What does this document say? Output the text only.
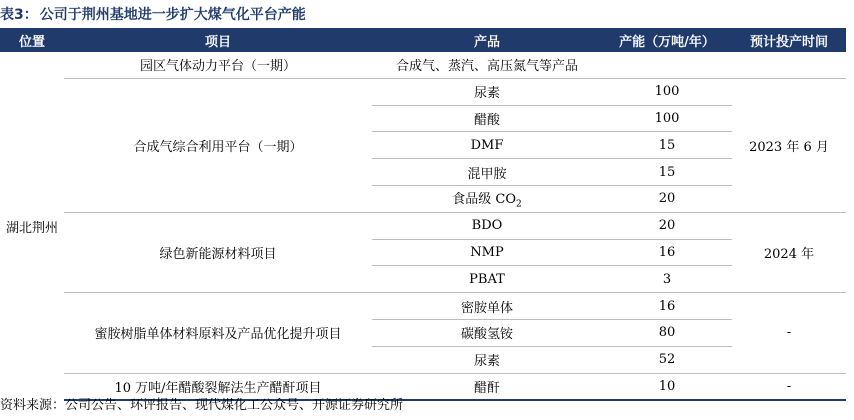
表3： 公司于荆州基地进一步扩大煤气化平台产能
位置	项目	产品	产能（万吨/年）	预计投产时间
湖北荆州	园区气体动力平台（一期）	合成气、蒸汽、高压氮气等产品		
	合成气综合利用平台（一期）	尿素	100	2023 年 6 月
		醋酸	100	
		DMF	15	
		混甲胺	15	
		食品级 $CO_2$	20	
	绿色新能源材料项目	BDO	20	2024 年
		NMP	16	
		PBAT	3	
	蜜胺树脂单体材料原料及产品优化提升项目	密胺单体	16	-
		碳酸氢铵	80	
		尿素	52	
	10 万吨/年醋酸裂解法生产醋酐项目	醋酐	10	-
资料来源：公司公告、环评报告、现代煤化工公众号、开源证券研究所
